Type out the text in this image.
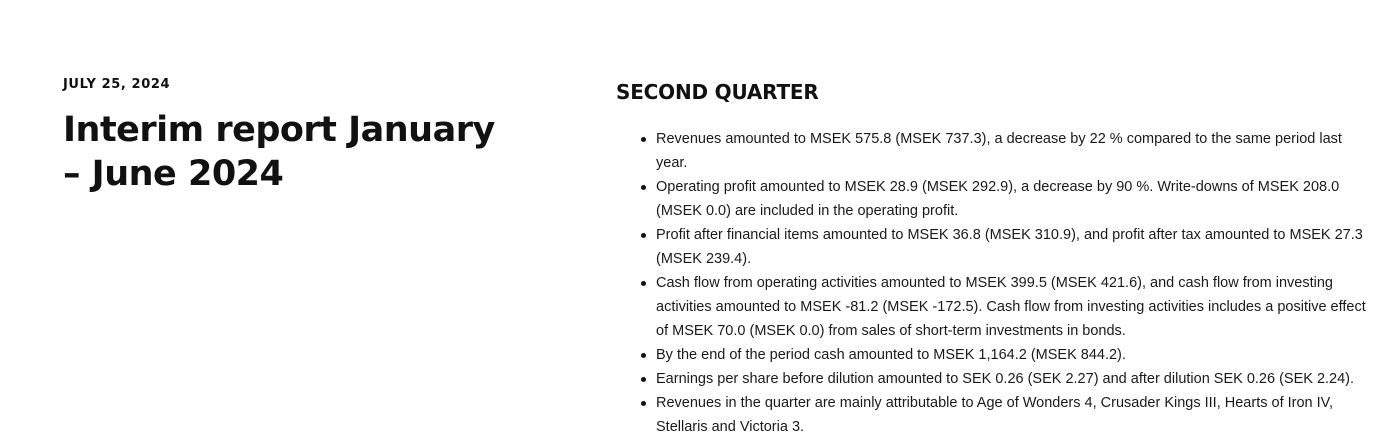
JULY 25, 2024

Interim report January – June 2024
SECOND QUARTER
Revenues amounted to MSEK 575.8 (MSEK 737.3), a decrease by 22 % compared to the same period last year.
Operating profit amounted to MSEK 28.9 (MSEK 292.9), a decrease by 90 %. Write-downs of MSEK 208.0 (MSEK 0.0) are included in the operating profit.
Profit after financial items amounted to MSEK 36.8 (MSEK 310.9), and profit after tax amounted to MSEK 27.3 (MSEK 239.4).
Cash flow from operating activities amounted to MSEK 399.5 (MSEK 421.6), and cash flow from investing activities amounted to MSEK -81.2 (MSEK -172.5). Cash flow from investing activities includes a positive effect of MSEK 70.0 (MSEK 0.0) from sales of short-term investments in bonds.
By the end of the period cash amounted to MSEK 1,164.2 (MSEK 844.2).
Earnings per share before dilution amounted to SEK 0.26 (SEK 2.27) and after dilution SEK 0.26 (SEK 2.24).
Revenues in the quarter are mainly attributable to Age of Wonders 4, Crusader Kings III, Hearts of Iron IV, Stellaris and Victoria 3.
